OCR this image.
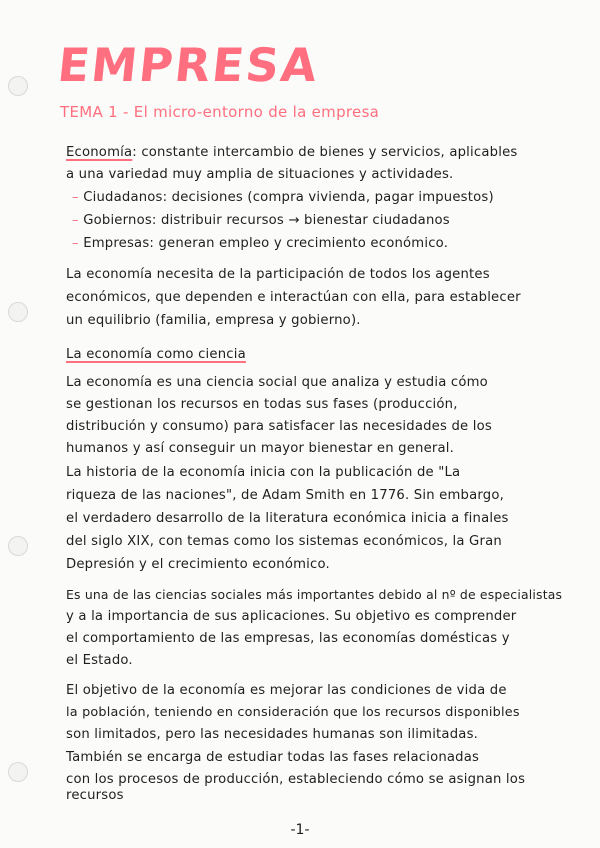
EMPRESA
TEMA 1 - El micro-entorno de la empresa
Economía: constante intercambio de bienes y servicios, aplicables
a una variedad muy amplia de situaciones y actividades.
– Ciudadanos: decisiones (compra vivienda, pagar impuestos)
– Gobiernos: distribuir recursos → bienestar ciudadanos
– Empresas: generan empleo y crecimiento económico.
La economía necesita de la participación de todos los agentes
económicos, que dependen e interactúan con ella, para establecer
un equilibrio (familia, empresa y gobierno).
La economía como ciencia
La economía es una ciencia social que analiza y estudia cómo
se gestionan los recursos en todas sus fases (producción,
distribución y consumo) para satisfacer las necesidades de los
humanos y así conseguir un mayor bienestar en general.
La historia de la economía inicia con la publicación de "La
riqueza de las naciones", de Adam Smith en 1776. Sin embargo,
el verdadero desarrollo de la literatura económica inicia a finales
del siglo XIX, con temas como los sistemas económicos, la Gran
Depresión y el crecimiento económico.
Es una de las ciencias sociales más importantes debido al nº de especialistas
y a la importancia de sus aplicaciones. Su objetivo es comprender
el comportamiento de las empresas, las economías domésticas y
el Estado.
El objetivo de la economía es mejorar las condiciones de vida de
la población, teniendo en consideración que los recursos disponibles
son limitados, pero las necesidades humanas son ilimitadas.
También se encarga de estudiar todas las fases relacionadas
con los procesos de producción, estableciendo cómo se asignan los
recursos
-1-
